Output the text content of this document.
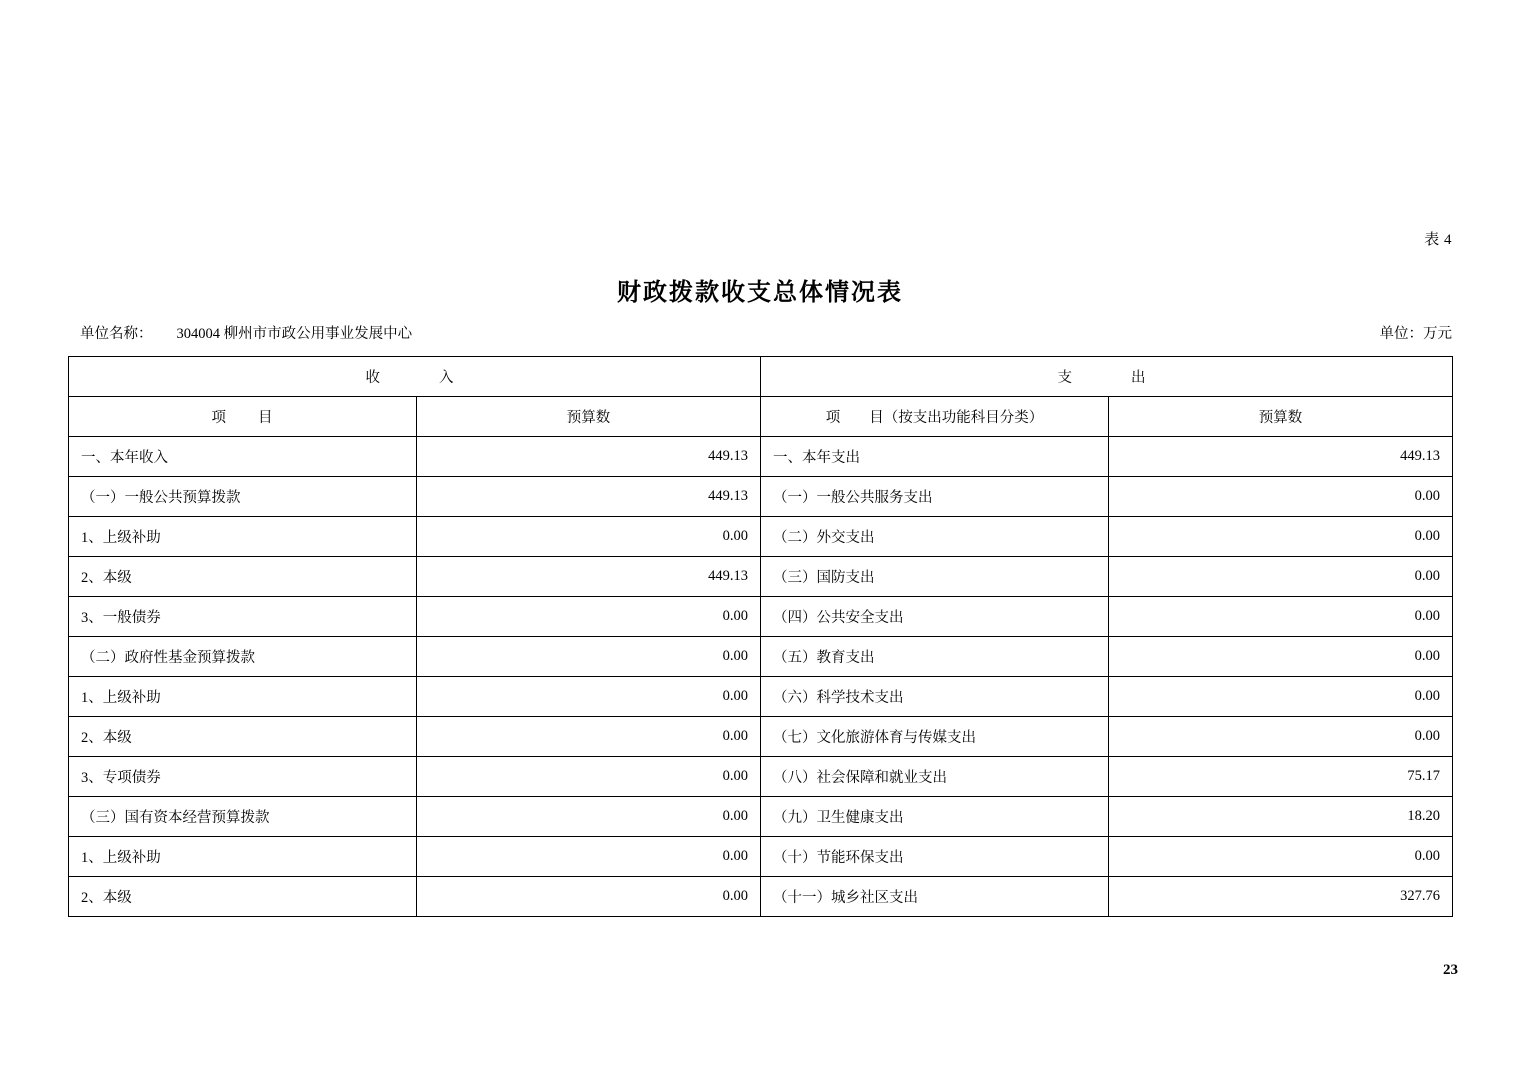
表 4
财政拨款收支总体情况表
单位名称： 304004 柳州市市政公用事业发展中心	单位：万元
收　　入		支　　出	
项　　目	预算数	项　　目（按支出功能科目分类）	预算数
一、本年收入	449.13	一、本年支出	449.13
（一）一般公共预算拨款	449.13	（一）一般公共服务支出	0.00
1、上级补助	0.00	（二）外交支出	0.00
2、本级	449.13	（三）国防支出	0.00
3、一般债券	0.00	（四）公共安全支出	0.00
（二）政府性基金预算拨款	0.00	（五）教育支出	0.00
1、上级补助	0.00	（六）科学技术支出	0.00
2、本级	0.00	（七）文化旅游体育与传媒支出	0.00
3、专项债券	0.00	（八）社会保障和就业支出	75.17
（三）国有资本经营预算拨款	0.00	（九）卫生健康支出	18.20
1、上级补助	0.00	（十）节能环保支出	0.00
2、本级	0.00	（十一）城乡社区支出	327.76
23
